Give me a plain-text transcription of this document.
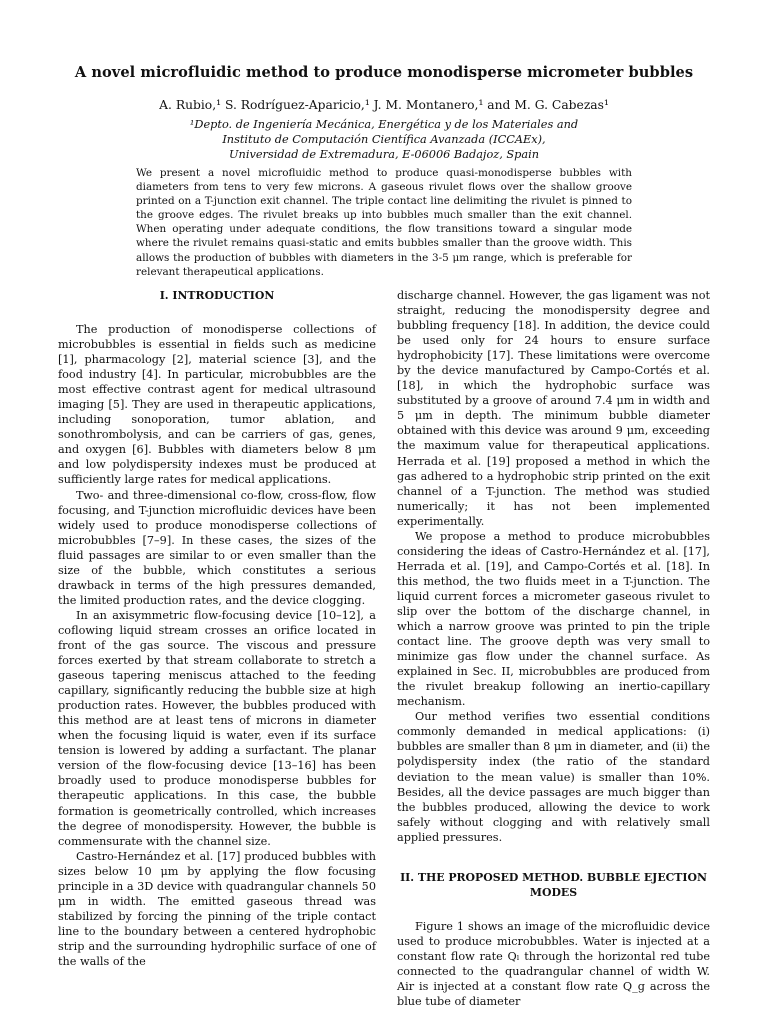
A novel microfluidic method to produce monodisperse micrometer bubbles
A. Rubio,¹ S. Rodríguez-Aparicio,¹ J. M. Montanero,¹ and M. G. Cabezas¹
¹Depto. de Ingeniería Mecánica, Energética y de los Materiales and
Instituto de Computación Científica Avanzada (ICCAEx),
Universidad de Extremadura, E-06006 Badajoz, Spain
We present a novel microfluidic method to produce quasi-monodisperse bubbles with diameters from tens to very few microns. A gaseous rivulet flows over the shallow groove printed on a T-junction exit channel. The triple contact line delimiting the rivulet is pinned to the groove edges. The rivulet breaks up into bubbles much smaller than the exit channel. When operating under adequate conditions, the flow transitions toward a singular mode where the rivulet remains quasi-static and emits bubbles smaller than the groove width. This allows the production of bubbles with diameters in the 3-5 μm range, which is preferable for relevant therapeutical applications.

I. INTRODUCTION

The production of monodisperse collections of microbubbles is essential in fields such as medicine [1], pharmacology [2], material science [3], and the food industry [4]. In particular, microbubbles are the most effective contrast agent for medical ultrasound imaging [5]. They are used in therapeutic applications, including sonoporation, tumor ablation, and sonothrombolysis, and can be carriers of gas, genes, and oxygen [6]. Bubbles with diameters below 8 μm and low polydispersity indexes must be produced at sufficiently large rates for medical applications.

Two- and three-dimensional co-flow, cross-flow, flow focusing, and T-junction microfluidic devices have been widely used to produce monodisperse collections of microbubbles [7–9]. In these cases, the sizes of the fluid passages are similar to or even smaller than the size of the bubble, which constitutes a serious drawback in terms of the high pressures demanded, the limited production rates, and the device clogging.

In an axisymmetric flow-focusing device [10–12], a coflowing liquid stream crosses an orifice located in front of the gas source. The viscous and pressure forces exerted by that stream collaborate to stretch a gaseous tapering meniscus attached to the feeding capillary, significantly reducing the bubble size at high production rates. However, the bubbles produced with this method are at least tens of microns in diameter when the focusing liquid is water, even if its surface tension is lowered by adding a surfactant. The planar version of the flow-focusing device [13–16] has been broadly used to produce monodisperse bubbles for therapeutic applications. In this case, the bubble formation is geometrically controlled, which increases the degree of monodispersity. However, the bubble is commensurate with the channel size.

Castro-Hernández et al. [17] produced bubbles with sizes below 10 μm by applying the flow focusing principle in a 3D device with quadrangular channels 50 μm in width. The emitted gaseous thread was stabilized by forcing the pinning of the triple contact line to the boundary between a centered hydrophobic strip and the surrounding hydrophilic surface of one of the walls of the

discharge channel. However, the gas ligament was not straight, reducing the monodispersity degree and bubbling frequency [18]. In addition, the device could be used only for 24 hours to ensure surface hydrophobicity [17]. These limitations were overcome by the device manufactured by Campo-Cortés et al. [18], in which the hydrophobic surface was substituted by a groove of around 7.4 μm in width and 5 μm in depth. The minimum bubble diameter obtained with this device was around 9 μm, exceeding the maximum value for therapeutical applications. Herrada et al. [19] proposed a method in which the gas adhered to a hydrophobic strip printed on the exit channel of a T-junction. The method was studied numerically; it has not been implemented experimentally.

We propose a method to produce microbubbles considering the ideas of Castro-Hernández et al. [17], Herrada et al. [19], and Campo-Cortés et al. [18]. In this method, the two fluids meet in a T-junction. The liquid current forces a micrometer gaseous rivulet to slip over the bottom of the discharge channel, in which a narrow groove was printed to pin the triple contact line. The groove depth was very small to minimize gas flow under the channel surface. As explained in Sec. II, microbubbles are produced from the rivulet breakup following an inertio-capillary mechanism.

Our method verifies two essential conditions commonly demanded in medical applications: (i) bubbles are smaller than 8 μm in diameter, and (ii) the polydispersity index (the ratio of the standard deviation to the mean value) is smaller than 10%. Besides, all the device passages are much bigger than the bubbles produced, allowing the device to work safely without clogging and with relatively small applied pressures.

II. THE PROPOSED METHOD. BUBBLE EJECTION MODES

Figure 1 shows an image of the microfluidic device used to produce microbubbles. Water is injected at a constant flow rate Qₗ through the horizontal red tube connected to the quadrangular channel of width W. Air is injected at a constant flow rate Q_g across the blue tube of diameter
